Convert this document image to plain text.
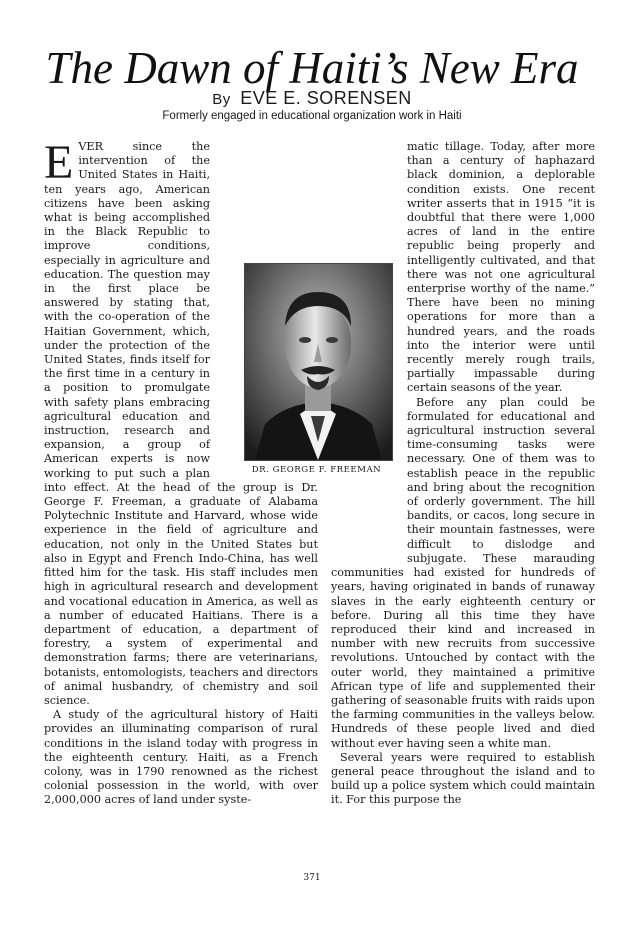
The Dawn of Haiti’s New Era
By EVE E. SORENSEN
Formerly engaged in educational organization work in Haiti

EVER since the intervention of the United States in Haiti, ten years ago, American citizens have been asking what is being accomplished in the Black Republic to improve conditions, especially in agriculture and education. The question may in the first place be answered by stating that, with the co-operation of the Haitian Government, which, under the protection of the United States, finds itself for the first time in a century in a position to promulgate with safety plans embracing agricultural education and instruction, research and expansion, a group of American experts is now working to put such a plan into effect. At the head of the group is Dr. George F. Freeman, a graduate of Alabama Polytechnic Institute and Harvard, whose wide experience in the field of agriculture and education, not only in the United States but also in Egypt and French Indo-China, has well fitted him for the task. His staff includes men high in agricultural research and development and vocational education in America, as well as a number of educated Haitians. There is a department of education, a department of forestry, a system of experimental and demonstration farms; there are veterinarians, botanists, entomologists, teachers and directors of animal husbandry, of chemistry and soil science.

A study of the agricultural history of Haiti provides an illuminating comparison of rural conditions in the island today with progress in the eighteenth century. Haiti, as a French colony, was in 1790 renowned as the richest colonial possession in the world, with over 2,000,000 acres of land under syste-

matic tillage. Today, after more than a century of haphazard black dominion, a deplorable condition exists. One recent writer asserts that in 1915 “it is doubtful that there were 1,000 acres of land in the entire republic being properly and intelligently cultivated, and that there was not one agricultural enterprise worthy of the name.” There have been no mining operations for more than a hundred years, and the roads into the interior were until recently merely rough trails, partially impassable during certain seasons of the year.

Before any plan could be formulated for educational and agricultural instruction several time-consuming tasks were necessary. One of them was to establish peace in the republic and bring about the recognition of orderly government. The hill bandits, or cacos, long secure in their mountain fastnesses, were difficult to dislodge and subjugate. These marauding communities had existed for hundreds of years, having originated in bands of runaway slaves in the early eighteenth century or before. During all this time they have reproduced their kind and increased in number with new recruits from successive revolutions. Untouched by contact with the outer world, they maintained a primitive African type of life and supplemented their gathering of seasonable fruits with raids upon the farming communities in the valleys below. Hundreds of these people lived and died without ever having seen a white man.

Several years were required to establish general peace throughout the island and to build up a police system which could maintain it. For this purpose the

DR. GEORGE F. FREEMAN
371
